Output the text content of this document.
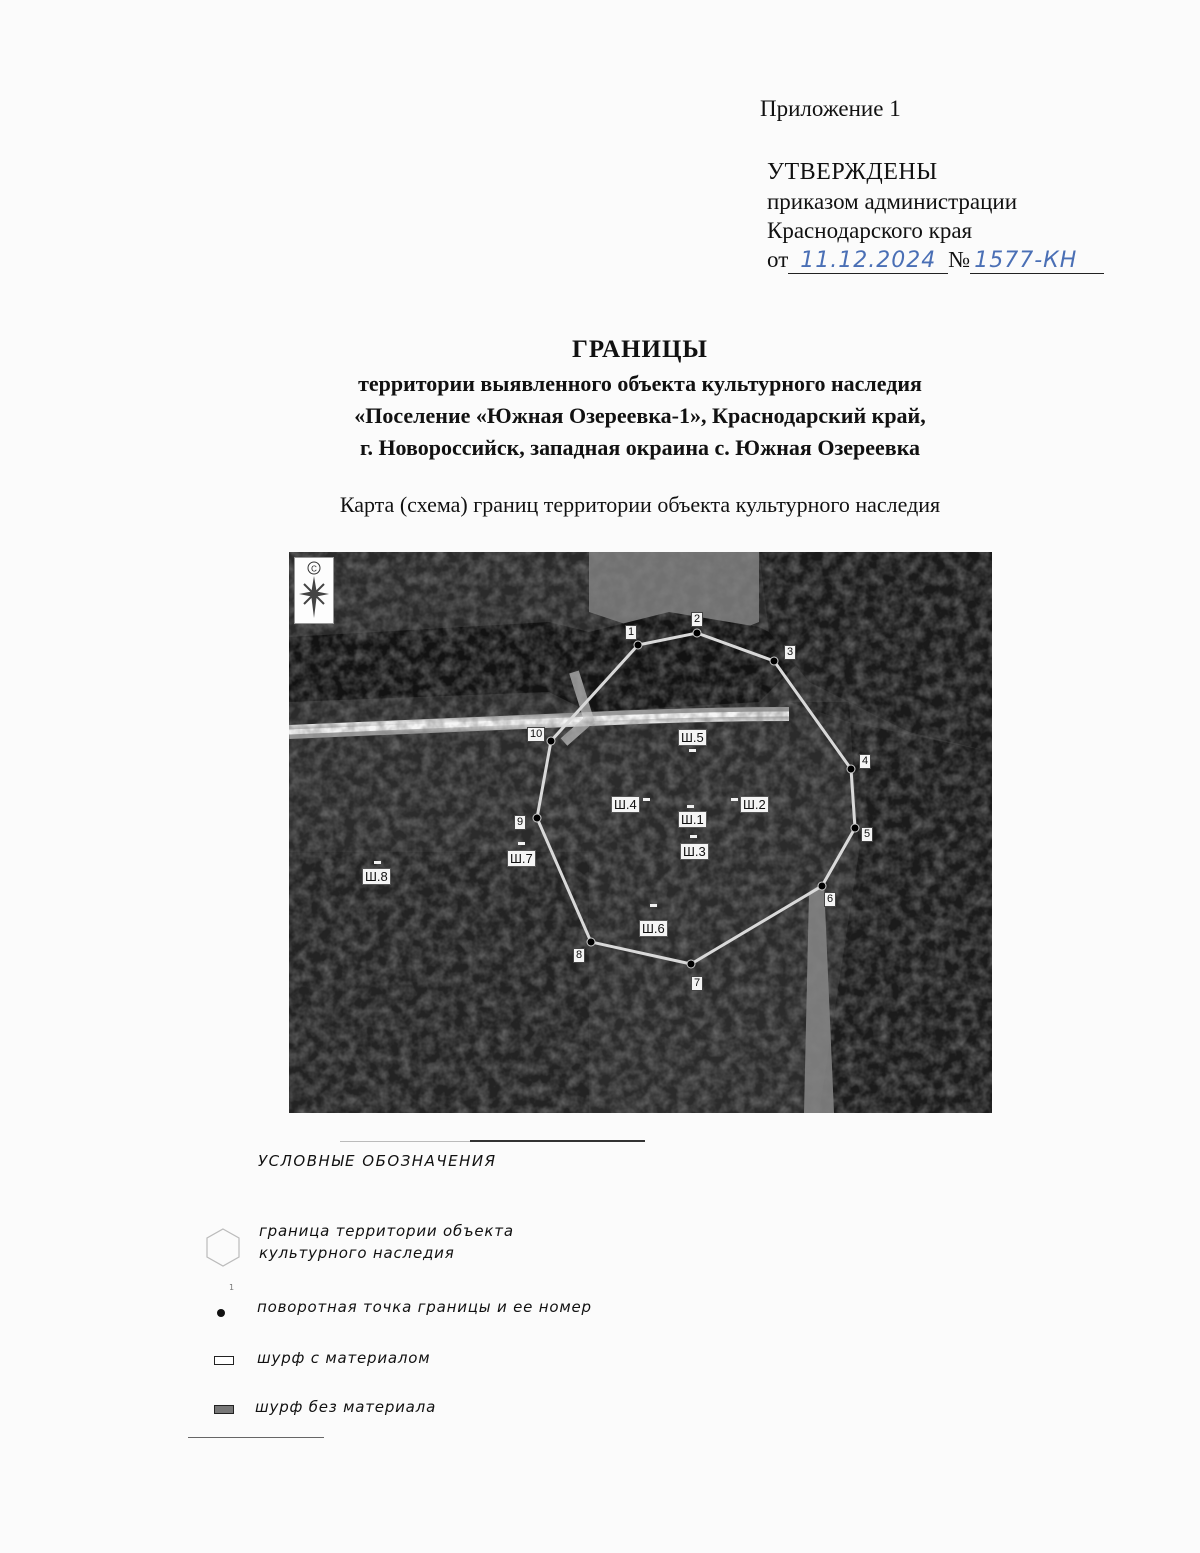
Приложение 1
УТВЕРЖДЕНЫ
приказом администрации
Краснодарского края
от 11.12.2024 № 1577-КН
ГРАНИЦЫ
территории выявленного объекта культурного наследия
«Поселение «Южная Озереевка-1», Краснодарский край,
г. Новороссийск, западная окраина с. Южная Озереевка
Карта (схема) границ территории объекта культурного наследия
С
1
2
3
4
5
6
7
8
9
10
Ш.1
Ш.2
Ш.3
Ш.4
Ш.5
Ш.6
Ш.7
Ш.8
УСЛОВНЫЕ ОБОЗНАЧЕНИЯ
граница территории объекта
культурного наследия
1
поворотная точка границы и ее номер
шурф с материалом
шурф без материала
